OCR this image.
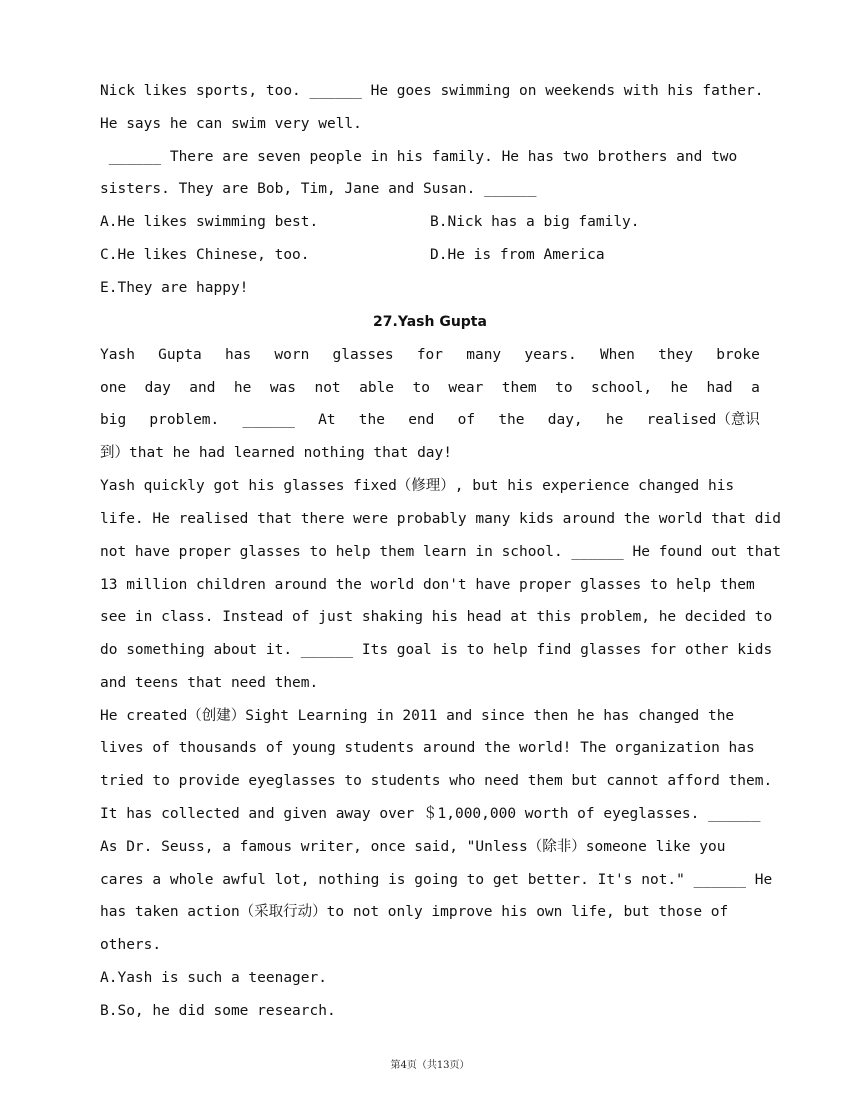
Nick likes sports, too. ______ He goes swimming on weekends with his father.
He says he can swim very well.
______ There are seven people in his family. He has two brothers and two
sisters. They are Bob, Tim, Jane and Susan. ______
A.He likes swimming best.	B.Nick has a big family.
C.He likes Chinese, too.	D.He is from America
E.They are happy!
27.Yash Gupta
Yash Gupta has worn glasses for many years. When they broke
one day and he was not able to wear them to school, he had a
big problem. ______ At the end of the day, he realised（意识
到）that he had learned nothing that day!
Yash quickly got his glasses fixed（修理）, but his experience changed his
life. He realised that there were probably many kids around the world that did
not have proper glasses to help them learn in school. ______ He found out that
13 million children around the world don't have proper glasses to help them
see in class. Instead of just shaking his head at this problem, he decided to
do something about it. ______ Its goal is to help find glasses for other kids
and teens that need them.
He created（创建）Sight Learning in 2011 and since then he has changed the
lives of thousands of young students around the world! The organization has
tried to provide eyeglasses to students who need them but cannot afford them.
It has collected and given away over ＄1,000,000 worth of eyeglasses. ______
As Dr. Seuss, a famous writer, once said, "Unless（除非）someone like you
cares a whole awful lot, nothing is going to get better. It's not." ______ He
has taken action（采取行动）to not only improve his own life, but those of
others.
A.Yash is such a teenager.
B.So, he did some research.
第4页（共13页）
